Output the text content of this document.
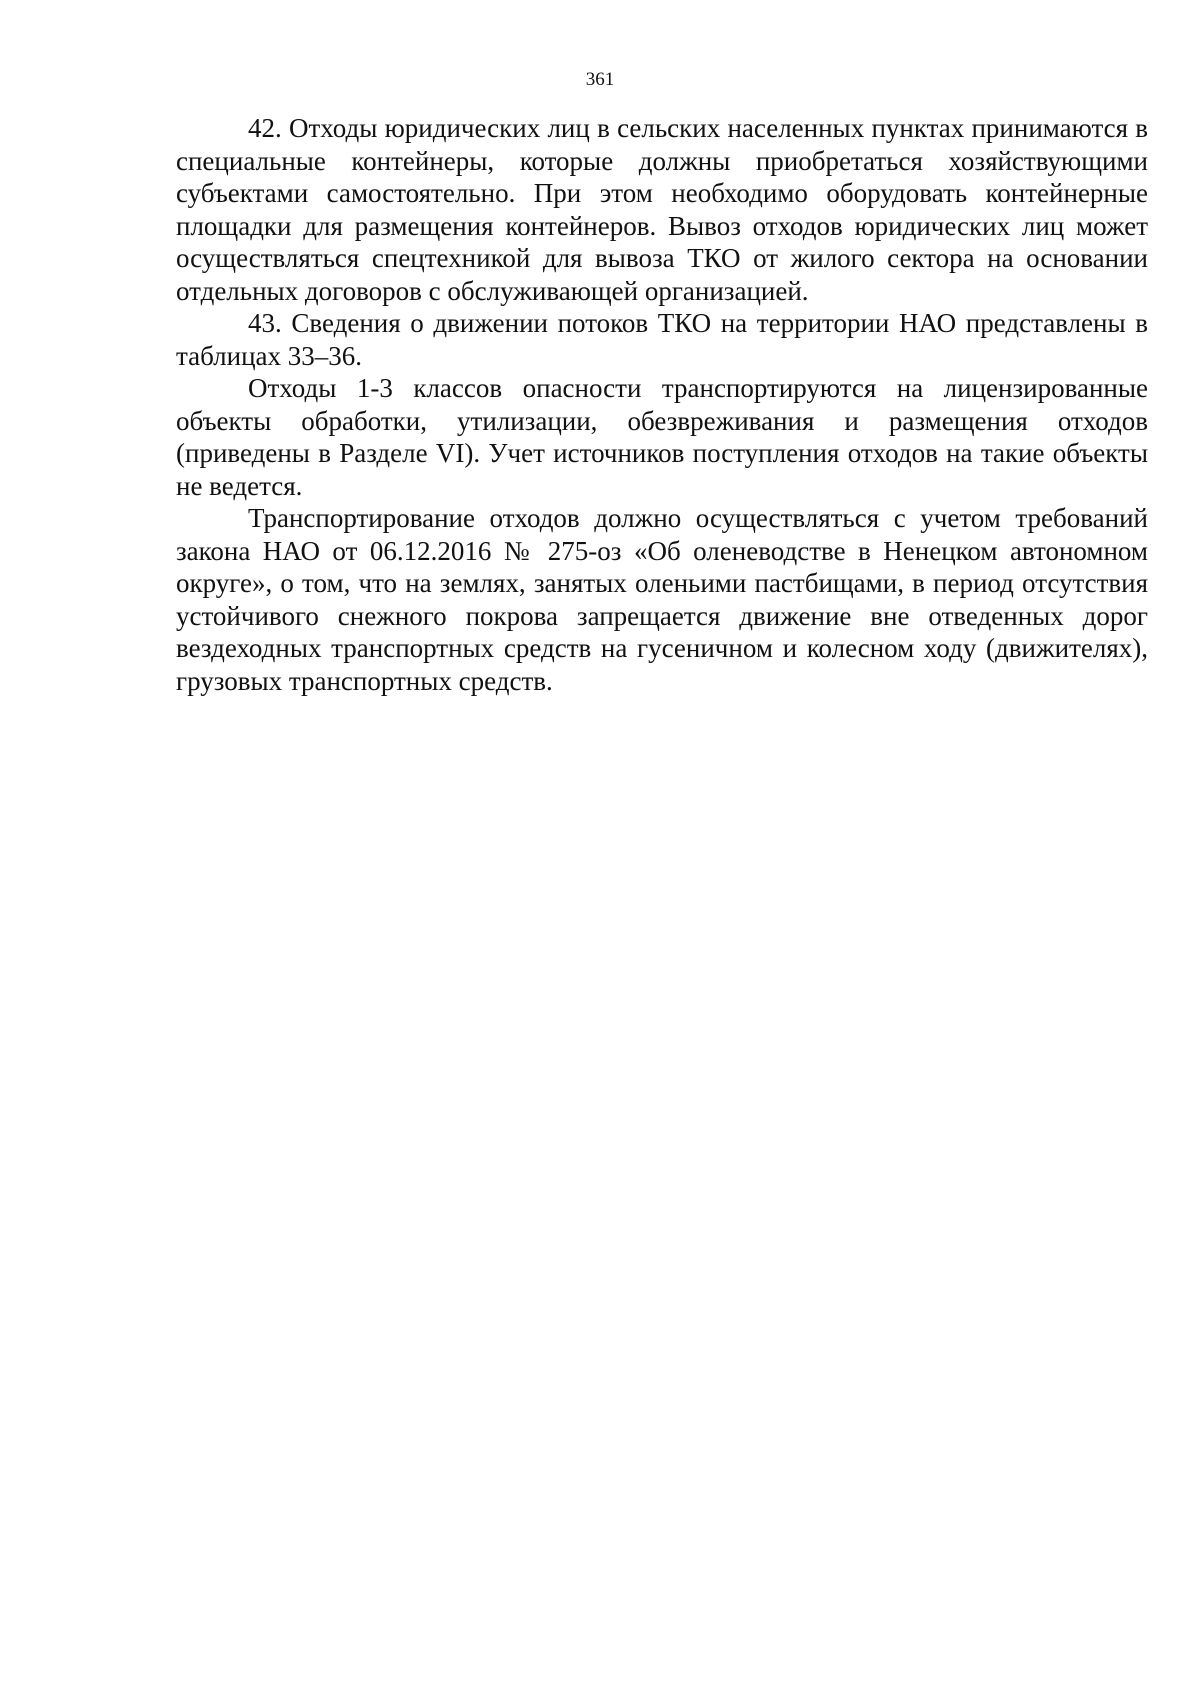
361

42. Отходы юридических лиц в сельских населенных пунктах принимаются в специальные контейнеры, которые должны приобретаться хозяйствующими субъектами самостоятельно. При этом необходимо оборудовать контейнерные площадки для размещения контейнеров. Вывоз отходов юридических лиц может осуществляться спецтехникой для вывоза ТКО от жилого сектора на основании отдельных договоров с обслуживающей организацией.

43. Сведения о движении потоков ТКО на территории НАО представлены в таблицах 33–36.

Отходы 1-3 классов опасности транспортируются на лицензированные объекты обработки, утилизации, обезвреживания и размещения отходов (приведены в Разделе VI). Учет источников поступления отходов на такие объекты не ведется.

Транспортирование отходов должно осуществляться с учетом требований закона НАО от 06.12.2016 № 275-оз «Об оленеводстве в Ненецком автономном округе», о том, что на землях, занятых оленьими пастбищами, в период отсутствия устойчивого снежного покрова запрещается движение вне отведенных дорог вездеходных транспортных средств на гусеничном и колесном ходу (движителях), грузовых транспортных средств.
